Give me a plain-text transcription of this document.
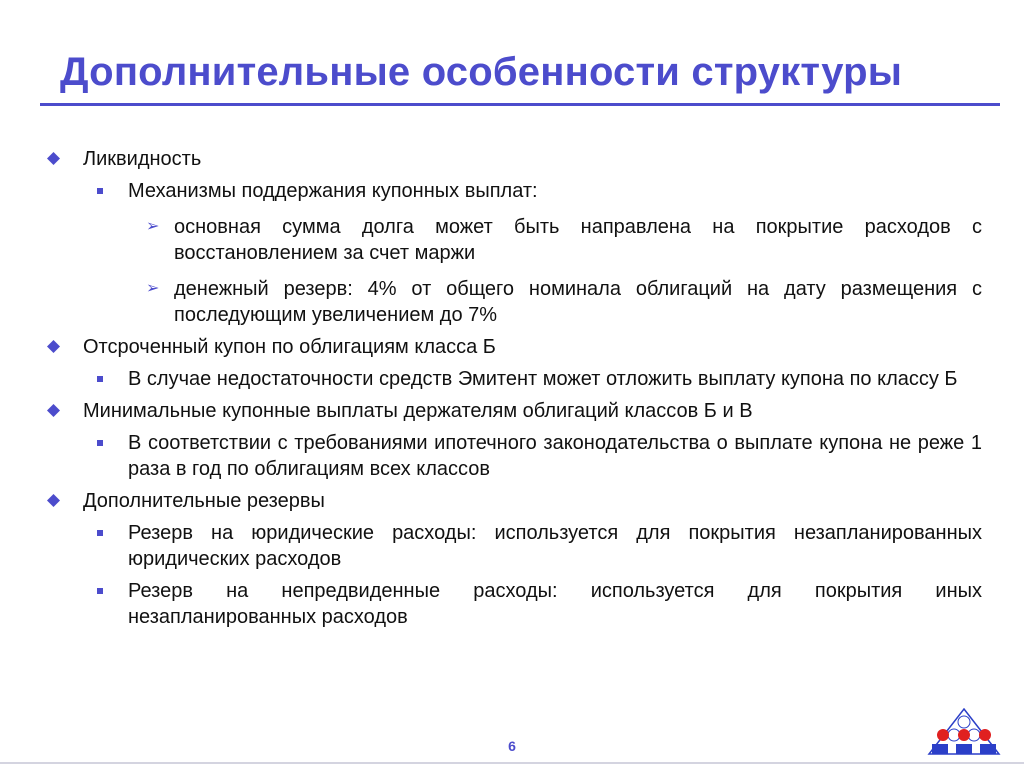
Дополнительные особенности структуры
Ликвидность
Механизмы поддержания купонных выплат:
➢ основная сумма долга может быть направлена на покрытие расходов с восстановлением за счет маржи
➢ денежный резерв: 4% от общего номинала облигаций на дату размещения с последующим увеличением до 7%
Отсроченный купон по облигациям класса Б
В случае недостаточности средств Эмитент может отложить выплату купона по классу Б
Минимальные купонные выплаты держателям облигаций классов Б и В
В соответствии с требованиями ипотечного законодательства о выплате купона не реже 1 раза в год по облигациям всех классов
Дополнительные резервы
Резерв на юридические расходы: используется для покрытия незапланированных юридических расходов
Резерв на непредвиденные расходы: используется для покрытия иных незапланированных расходов
6
